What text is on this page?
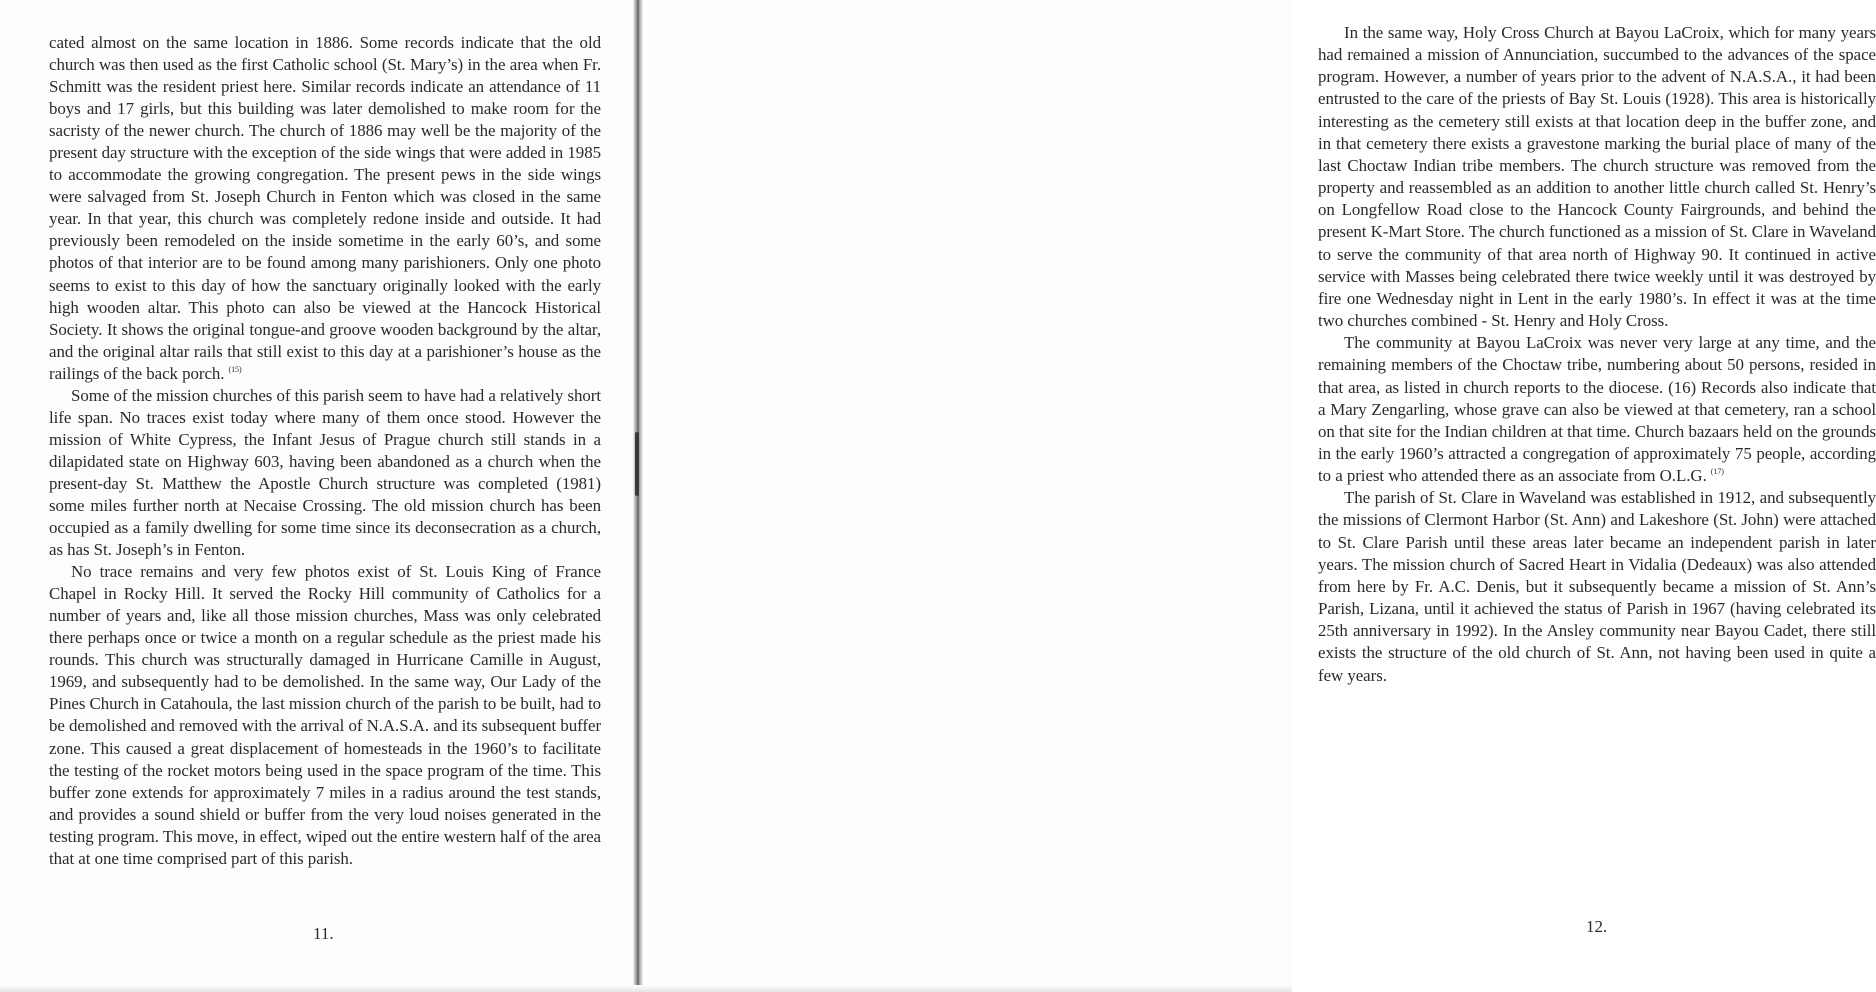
cated almost on the same location in 1886. Some records indicate that the old church was then used as the first Catholic school (St. Mary’s) in the area when Fr. Schmitt was the resident priest here. Similar records indicate an attendance of 11 boys and 17 girls, but this building was later demolished to make room for the sacristy of the newer church. The church of 1886 may well be the majority of the present day structure with the exception of the side wings that were added in 1985 to accommodate the growing congregation. The present pews in the side wings were salvaged from St. Joseph Church in Fenton which was closed in the same year. In that year, this church was completely redone inside and outside. It had previously been remodeled on the inside sometime in the early 60’s, and some photos of that interior are to be found among many parishioners. Only one photo seems to exist to this day of how the sanctuary originally looked with the early high wooden altar. This photo can also be viewed at the Hancock Historical Society. It shows the original tongue-and groove wooden background by the altar, and the original altar rails that still exist to this day at a parishioner’s house as the railings of the back porch. $^{(15)}$

Some of the mission churches of this parish seem to have had a relatively short life span. No traces exist today where many of them once stood. However the mission of White Cypress, the Infant Jesus of Prague church still stands in a dilapidated state on Highway 603, having been abandoned as a church when the present-day St. Matthew the Apostle Church structure was completed (1981) some miles further north at Necaise Crossing. The old mission church has been occupied as a family dwelling for some time since its deconsecration as a church, as has St. Joseph’s in Fenton.

No trace remains and very few photos exist of St. Louis King of France Chapel in Rocky Hill. It served the Rocky Hill community of Catholics for a number of years and, like all those mission churches, Mass was only celebrated there perhaps once or twice a month on a regular schedule as the priest made his rounds. This church was structurally damaged in Hurricane Camille in August, 1969, and subsequently had to be demolished. In the same way, Our Lady of the Pines Church in Catahoula, the last mission church of the parish to be built, had to be demolished and removed with the arrival of N.A.S.A. and its subsequent buffer zone. This caused a great displacement of homesteads in the 1960’s to facilitate the testing of the rocket motors being used in the space program of the time. This buffer zone extends for approximately 7 miles in a radius around the test stands, and provides a sound shield or buffer from the very loud noises generated in the testing program. This move, in effect, wiped out the entire western half of the area that at one time comprised part of this parish.

11.

In the same way, Holy Cross Church at Bayou LaCroix, which for many years had remained a mission of Annunciation, succumbed to the advances of the space program. However, a number of years prior to the advent of N.A.S.A., it had been entrusted to the care of the priests of Bay St. Louis (1928). This area is historically interesting as the cemetery still exists at that location deep in the buffer zone, and in that cemetery there exists a gravestone marking the burial place of many of the last Choctaw Indian tribe members. The church structure was removed from the property and reassembled as an addition to another little church called St. Henry’s on Longfellow Road close to the Hancock County Fairgrounds, and behind the present K-Mart Store. The church functioned as a mission of St. Clare in Waveland to serve the community of that area north of Highway 90. It continued in active service with Masses being celebrated there twice weekly until it was destroyed by fire one Wednesday night in Lent in the early 1980’s. In effect it was at the time two churches combined - St. Henry and Holy Cross.

The community at Bayou LaCroix was never very large at any time, and the remaining members of the Choctaw tribe, numbering about 50 persons, resided in that area, as listed in church reports to the diocese. (16) Records also indicate that a Mary Zengarling, whose grave can also be viewed at that cemetery, ran a school on that site for the Indian children at that time. Church bazaars held on the grounds in the early 1960’s attracted a congregation of approximately 75 people, according to a priest who attended there as an associate from O.L.G. $^{(17)}$

The parish of St. Clare in Waveland was established in 1912, and subsequently the missions of Clermont Harbor (St. Ann) and Lakeshore (St. John) were attached to St. Clare Parish until these areas later became an independent parish in later years. The mission church of Sacred Heart in Vidalia (Dedeaux) was also attended from here by Fr. A.C. Denis, but it subsequently became a mission of St. Ann’s Parish, Lizana, until it achieved the status of Parish in 1967 (having celebrated its 25th anniversary in 1992). In the Ansley community near Bayou Cadet, there still exists the structure of the old church of St. Ann, not having been used in quite a few years.

12.
